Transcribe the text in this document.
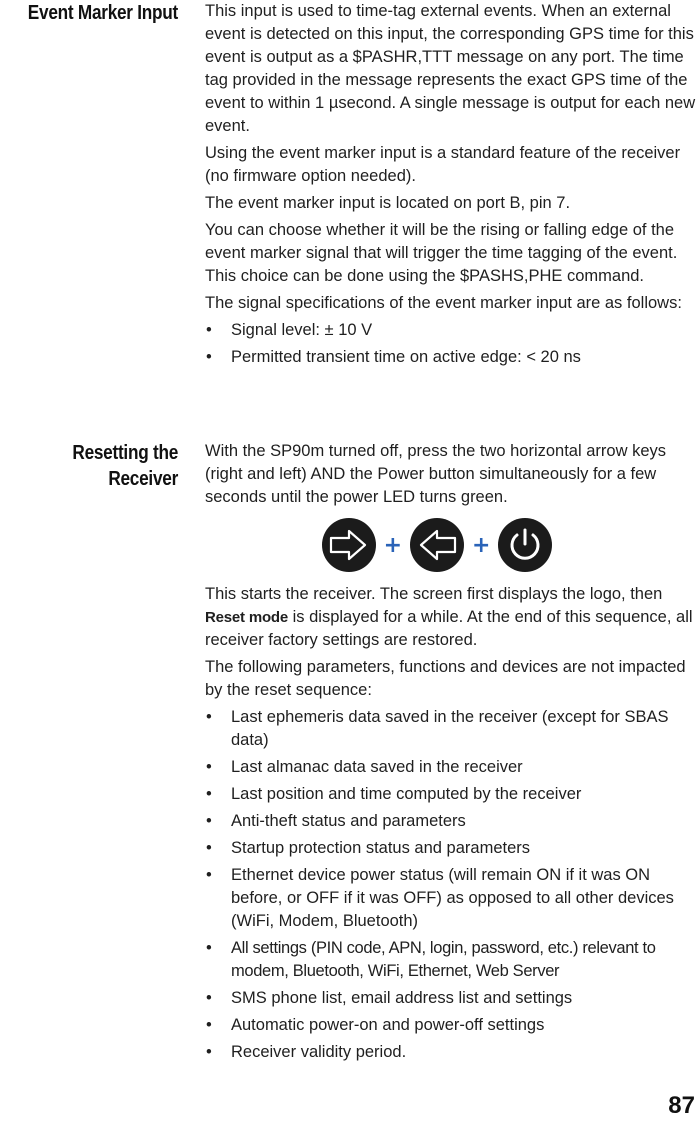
Event Marker Input This input is used to time-tag external events. When an external event is detected on this input, the corresponding GPS time for this event is output as a $PASHR,TTT message on any port. The time tag provided in the message represents the exact GPS time of the event to within 1 µsecond. A single message is output for each new event.

Using the event marker input is a standard feature of the receiver (no firmware option needed).

The event marker input is located on port B, pin 7.

You can choose whether it will be the rising or falling edge of the event marker signal that will trigger the time tagging of the event. This choice can be done using the $PASHS,PHE command.

The signal specifications of the event marker input are as follows:

• Signal level: ± 10 V
• Permitted transient time on active edge: < 20 ns
Resetting the
Receiver

With the SP90m turned off, press the two horizontal arrow keys (right and left) AND the Power button simultaneously for a few seconds until the power LED turns green.

+	+

This starts the receiver. The screen first displays the logo, then Reset mode is displayed for a while. At the end of this sequence, all receiver factory settings are restored.

The following parameters, functions and devices are not impacted by the reset sequence:

• Last ephemeris data saved in the receiver (except for SBAS data)
• Last almanac data saved in the receiver
• Last position and time computed by the receiver
• Anti-theft status and parameters
• Startup protection status and parameters
• Ethernet device power status (will remain ON if it was ON before, or OFF if it was OFF) as opposed to all other devices (WiFi, Modem, Bluetooth)
• All settings (PIN code, APN, login, password, etc.) relevant to modem, Bluetooth, WiFi, Ethernet, Web Server
• SMS phone list, email address list and settings
• Automatic power-on and power-off settings
• Receiver validity period.
87
